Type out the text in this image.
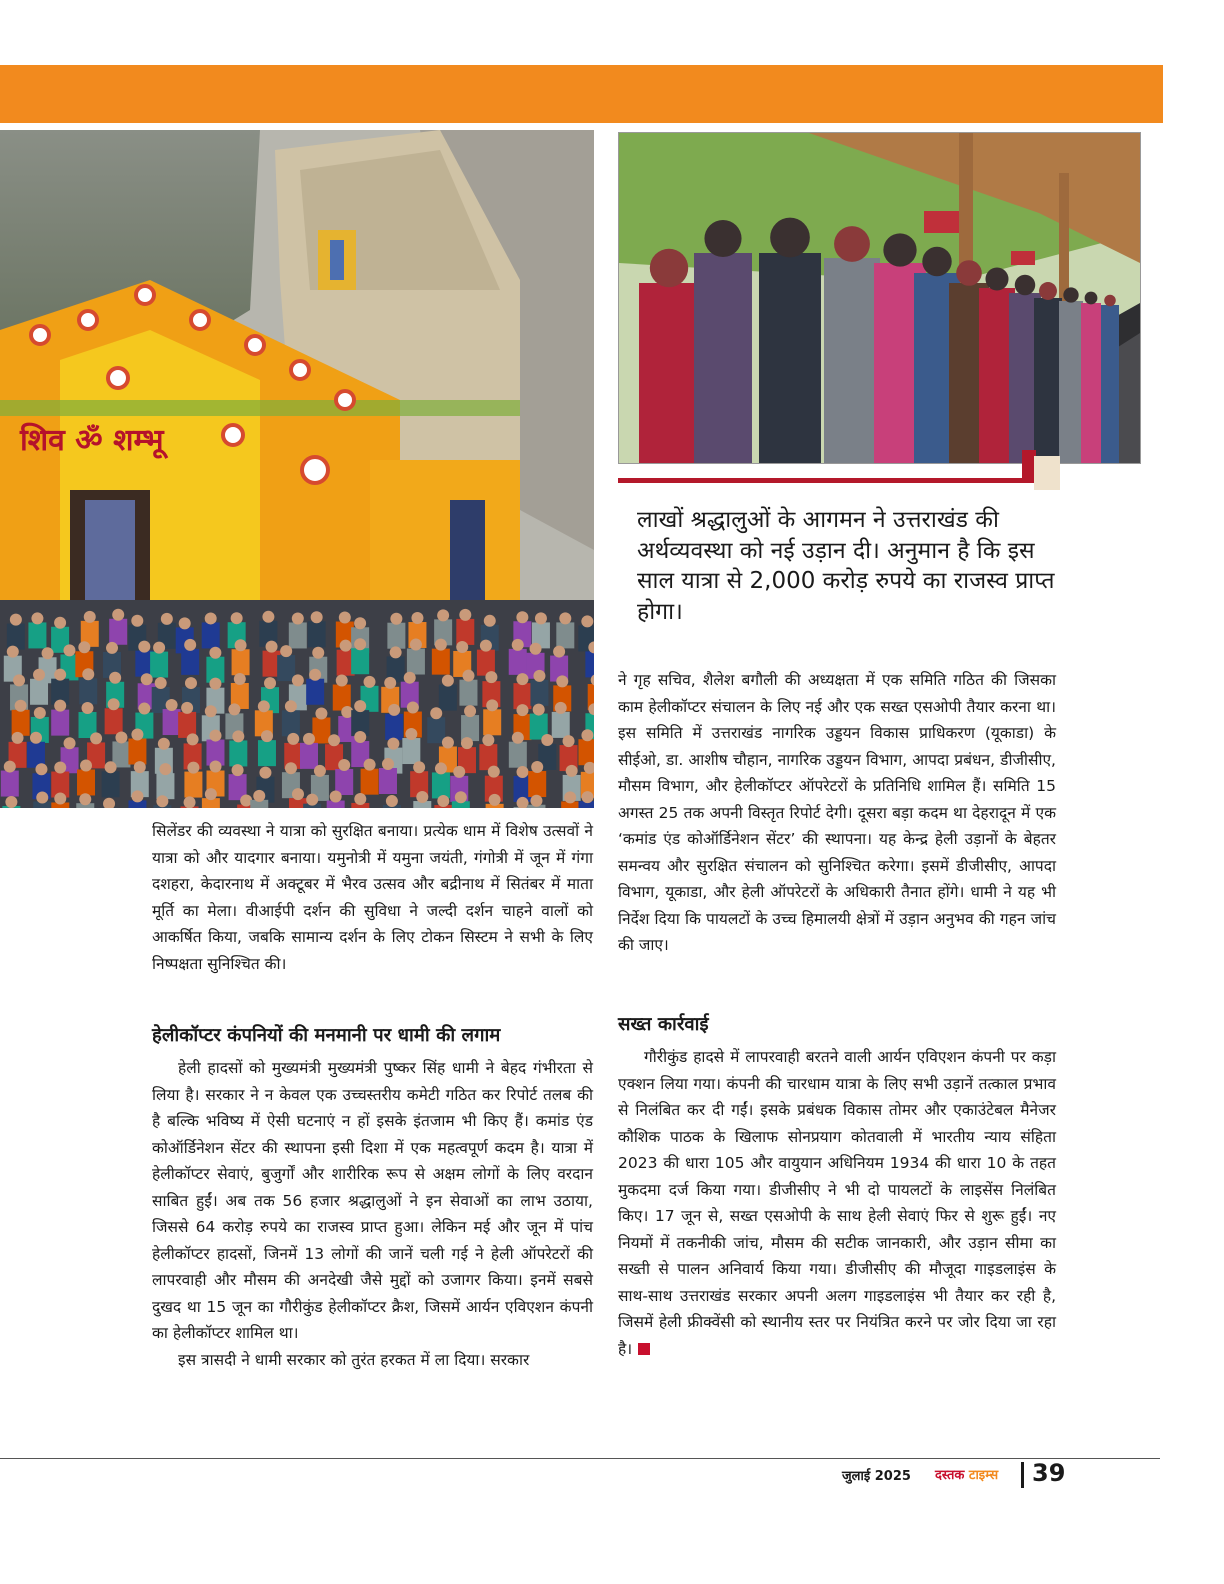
शिव ॐ शम्भू
लाखों श्रद्धालुओं के आगमन ने उत्तराखंड की अर्थव्यवस्था को नई उड़ान दी। अनुमान है कि इस साल यात्रा से 2,000 करोड़ रुपये का राजस्व प्राप्त होगा।

सिलेंडर की व्यवस्था ने यात्रा को सुरक्षित बनाया। प्रत्येक धाम में विशेष उत्सवों ने यात्रा को और यादगार बनाया। यमुनोत्री में यमुना जयंती, गंगोत्री में जून में गंगा दशहरा, केदारनाथ में अक्टूबर में भैरव उत्सव और बद्रीनाथ में सितंबर में माता मूर्ति का मेला। वीआईपी दर्शन की सुविधा ने जल्दी दर्शन चाहने वालों को आकर्षित किया, जबकि सामान्य दर्शन के लिए टोकन सिस्टम ने सभी के लिए निष्पक्षता सुनिश्चित की।

हेलीकॉप्टर कंपनियों की मनमानी पर धामी की लगाम

हेली हादसों को मुख्यमंत्री मुख्यमंत्री पुष्कर सिंह धामी ने बेहद गंभीरता से लिया है। सरकार ने न केवल एक उच्चस्तरीय कमेटी गठित कर रिपोर्ट तलब की है बल्कि भविष्य में ऐसी घटनाएं न हों इसके इंतजाम भी किए हैं। कमांड एंड कोऑर्डिनेशन सेंटर की स्थापना इसी दिशा में एक महत्वपूर्ण कदम है। यात्रा में हेलीकॉप्टर सेवाएं, बुजुर्गों और शारीरिक रूप से अक्षम लोगों के लिए वरदान साबित हुईं। अब तक 56 हजार श्रद्धालुओं ने इन सेवाओं का लाभ उठाया, जिससे 64 करोड़ रुपये का राजस्व प्राप्त हुआ। लेकिन मई और जून में पांच हेलीकॉप्टर हादसों, जिनमें 13 लोगों की जानें चली गई ने हेली ऑपरेटरों की लापरवाही और मौसम की अनदेखी जैसे मुद्दों को उजागर किया। इनमें सबसे दुखद था 15 जून का गौरीकुंड हेलीकॉप्टर क्रैश, जिसमें आर्यन एविएशन कंपनी का हेलीकॉप्टर शामिल था।

इस त्रासदी ने धामी सरकार को तुरंत हरकत में ला दिया। सरकार

ने गृह सचिव, शैलेश बगौली की अध्यक्षता में एक समिति गठित की जिसका काम हेलीकॉप्टर संचालन के लिए नई और एक सख्त एसओपी तैयार करना था। इस समिति में उत्तराखंड नागरिक उड्डयन विकास प्राधिकरण (यूकाडा) के सीईओ, डा. आशीष चौहान, नागरिक उड्डयन विभाग, आपदा प्रबंधन, डीजीसीए, मौसम विभाग, और हेलीकॉप्टर ऑपरेटरों के प्रतिनिधि शामिल हैं। समिति 15 अगस्त 25 तक अपनी विस्तृत रिपोर्ट देगी। दूसरा बड़ा कदम था देहरादून में एक ‘कमांड एंड कोऑर्डिनेशन सेंटर’ की स्थापना। यह केन्द्र हेली उड़ानों के बेहतर समन्वय और सुरक्षित संचालन को सुनिश्चित करेगा। इसमें डीजीसीए, आपदा विभाग, यूकाडा, और हेली ऑपरेटरों के अधिकारी तैनात होंगे। धामी ने यह भी निर्देश दिया कि पायलटों के उच्च हिमालयी क्षेत्रों में उड़ान अनुभव की गहन जांच की जाए।

सख्त कार्रवाई

गौरीकुंड हादसे में लापरवाही बरतने वाली आर्यन एविएशन कंपनी पर कड़ा एक्शन लिया गया। कंपनी की चारधाम यात्रा के लिए सभी उड़ानें तत्काल प्रभाव से निलंबित कर दी गईं। इसके प्रबंधक विकास तोमर और एकाउंटेबल मैनेजर कौशिक पाठक के खिलाफ सोनप्रयाग कोतवाली में भारतीय न्याय संहिता 2023 की धारा 105 और वायुयान अधिनियम 1934 की धारा 10 के तहत मुकदमा दर्ज किया गया। डीजीसीए ने भी दो पायलटों के लाइसेंस निलंबित किए। 17 जून से, सख्त एसओपी के साथ हेली सेवाएं फिर से शुरू हुईं। नए नियमों में तकनीकी जांच, मौसम की सटीक जानकारी, और उड़ान सीमा का सख्ती से पालन अनिवार्य किया गया। डीजीसीए की मौजूदा गाइडलाइंस के साथ-साथ उत्तराखंड सरकार अपनी अलग गाइडलाइंस भी तैयार कर रही है, जिसमें हेली फ्रीक्वेंसी को स्थानीय स्तर पर नियंत्रित करने पर जोर दिया जा रहा है।

जुलाई 2025 दस्तक टाइम्स 39
